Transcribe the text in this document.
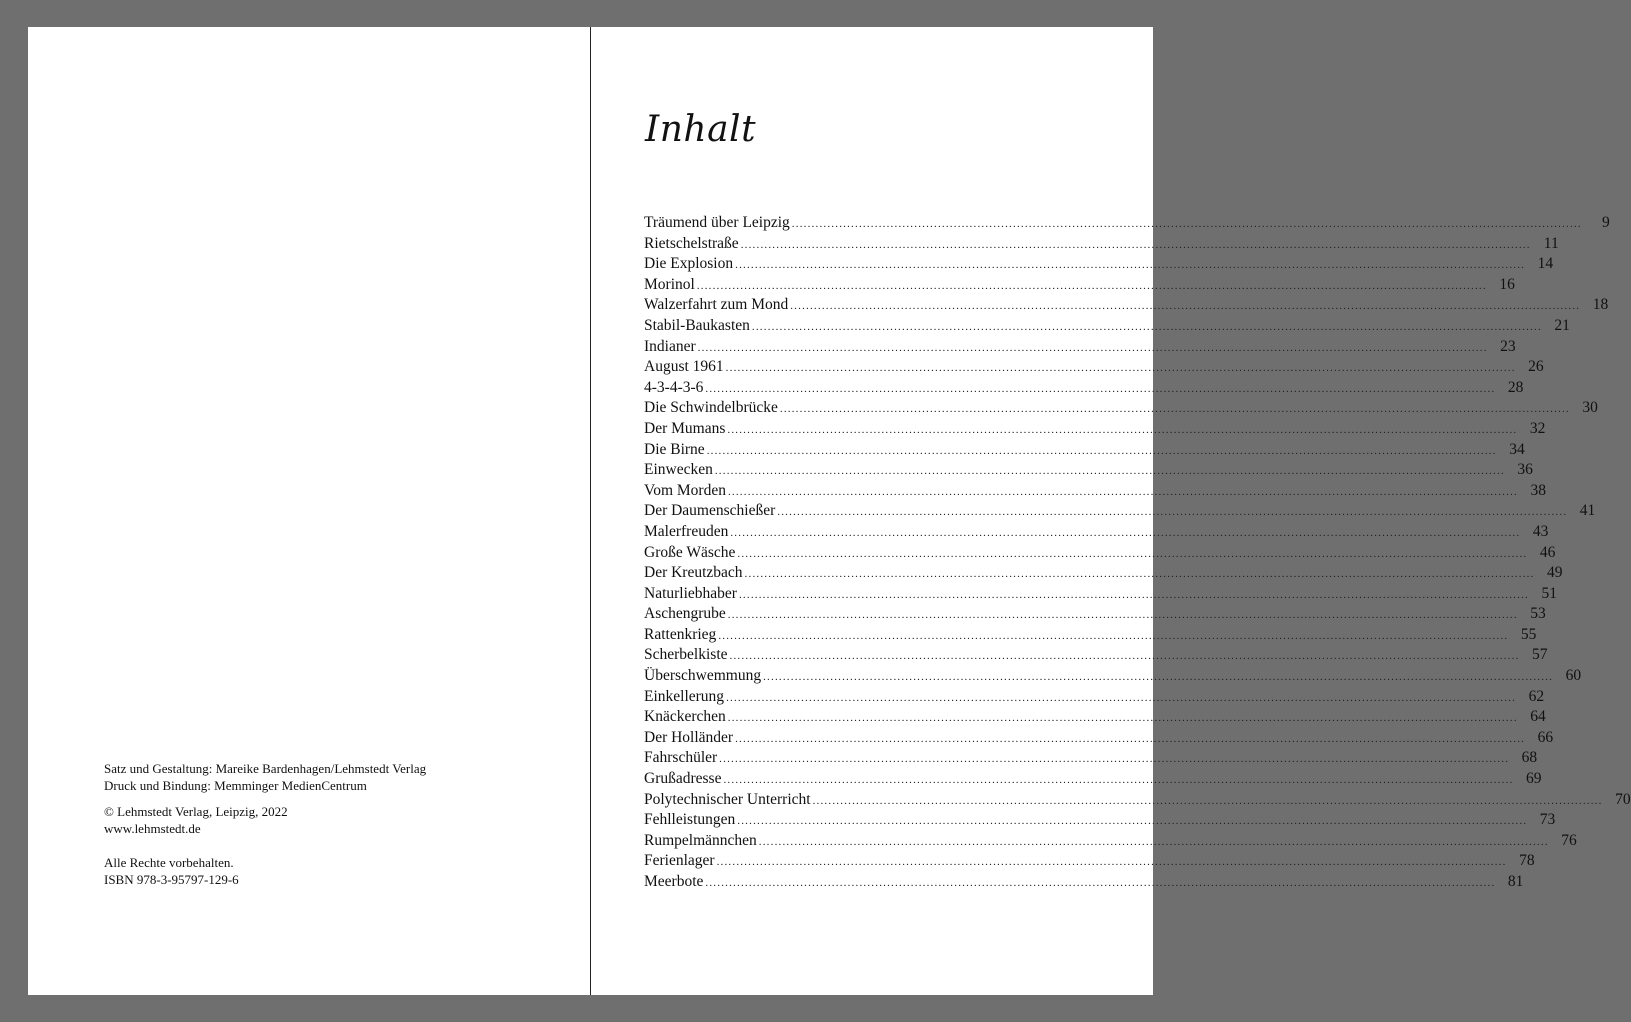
Satz und Gestaltung: Mareike Bardenhagen/Lehmstedt Verlag
Druck und Bindung: Memminger MedienCentrum
© Lehmstedt Verlag, Leipzig, 2022
www.lehmstedt.de
Alle Rechte vorbehalten.
ISBN 978-3-95797-129-6
Inhalt
Träumend über Leipzig ........................................................................................................................................................................................................	9
Rietschelstraße ........................................................................................................................................................................................................ 11
Die Explosion ........................................................................................................................................................................................................ 14
Morinol ........................................................................................................................................................................................................ 16
Walzerfahrt zum Mond ........................................................................................................................................................................................................ 18
Stabil-Baukasten ........................................................................................................................................................................................................ 21
Indianer ........................................................................................................................................................................................................ 23
August 1961 ........................................................................................................................................................................................................ 26
4-3-4-3-6 ........................................................................................................................................................................................................ 28
Die Schwindelbrücke ........................................................................................................................................................................................................ 30
Der Mumans ........................................................................................................................................................................................................ 32
Die Birne ........................................................................................................................................................................................................ 34
Einwecken ........................................................................................................................................................................................................ 36
Vom Morden ........................................................................................................................................................................................................ 38
Der Daumenschießer ........................................................................................................................................................................................................ 41
Malerfreuden ........................................................................................................................................................................................................ 43
Große Wäsche ........................................................................................................................................................................................................ 46
Der Kreutzbach ........................................................................................................................................................................................................ 49
Naturliebhaber ........................................................................................................................................................................................................ 51
Aschengrube ........................................................................................................................................................................................................ 53
Rattenkrieg ........................................................................................................................................................................................................ 55
Scherbelkiste ........................................................................................................................................................................................................ 57
Überschwemmung ........................................................................................................................................................................................................ 60
Einkellerung ........................................................................................................................................................................................................ 62
Knäckerchen ........................................................................................................................................................................................................ 64
Der Holländer ........................................................................................................................................................................................................ 66
Fahrschüler ........................................................................................................................................................................................................ 68
Grußadresse ........................................................................................................................................................................................................ 69
Polytechnischer Unterricht ........................................................................................................................................................................................................ 70
Fehlleistungen ........................................................................................................................................................................................................ 73
Rumpelmännchen ........................................................................................................................................................................................................ 76
Ferienlager ........................................................................................................................................................................................................ 78
Meerbote ........................................................................................................................................................................................................ 81
